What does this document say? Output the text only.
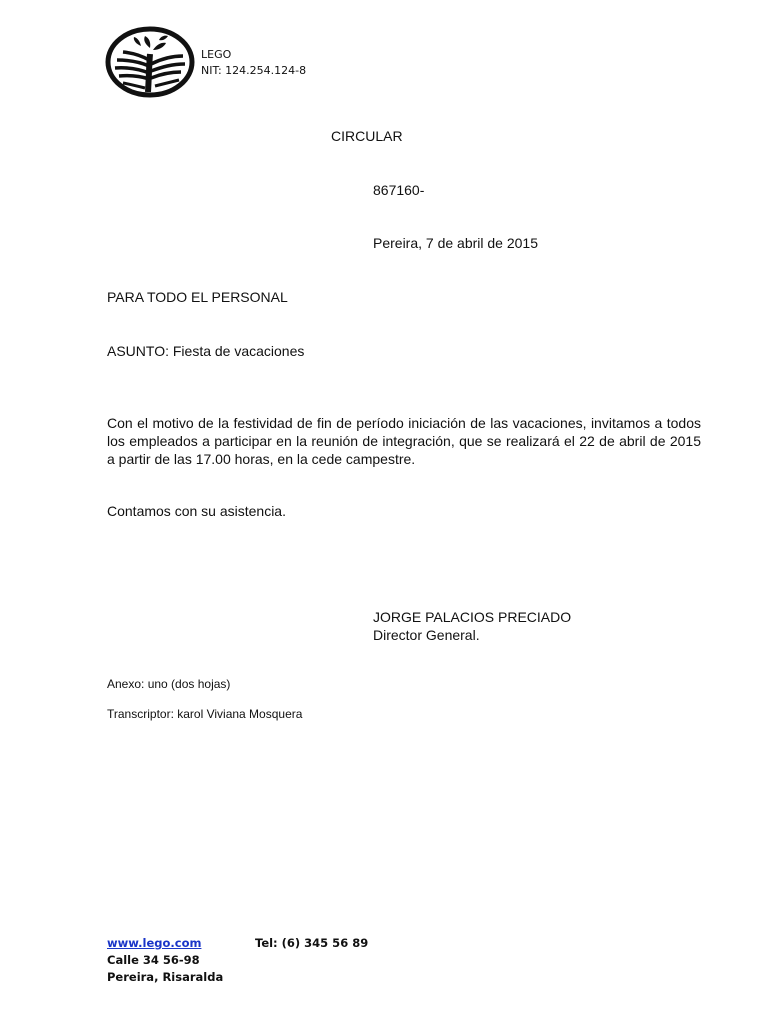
LEGO
NIT: 124.254.124-8
CIRCULAR
867160-
Pereira, 7 de abril de 2015
PARA TODO EL PERSONAL
ASUNTO: Fiesta de vacaciones
Con el motivo de la festividad de fin de período iniciación de las vacaciones, invitamos a todos los empleados a participar en la reunión de integración, que se realizará el 22 de abril de 2015 a partir de las 17.00 horas, en la cede campestre.
Contamos con su asistencia.
JORGE PALACIOS PRECIADO
Director General.
Anexo: uno (dos hojas)
Transcriptor: karol Viviana Mosquera
www.lego.com
Calle 34 56-98
Pereira, Risaralda
Tel: (6) 345 56 89
